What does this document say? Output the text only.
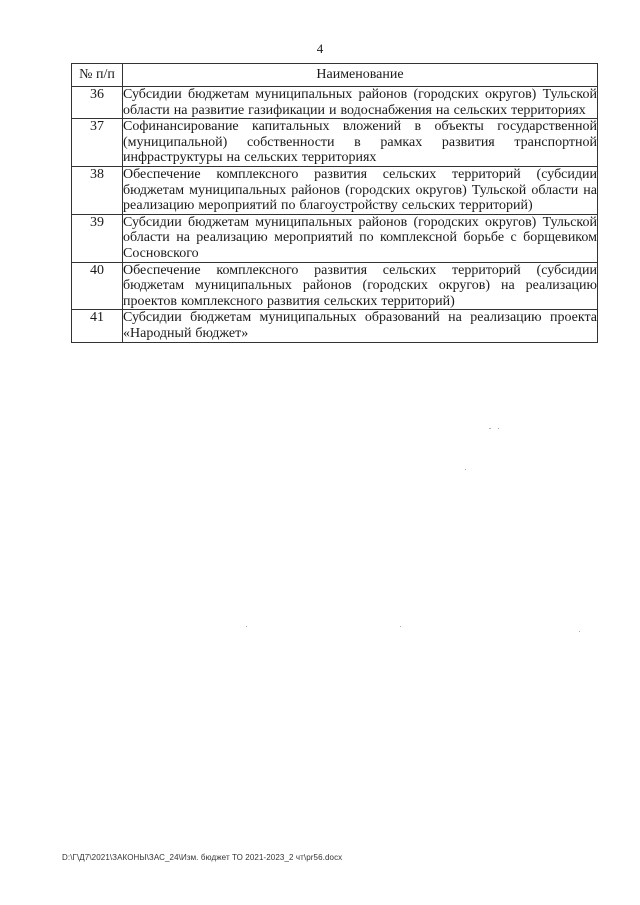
4
№ п/п	Наименование
36	Субсидии бюджетам муниципальных районов (городских округов) Тульской области на развитие газификации и водоснабжения на сельских территориях
37	Софинансирование капитальных вложений в объекты государственной (муниципальной) собственности в рамках развития транспортной инфраструктуры на сельских территориях
38	Обеспечение комплексного развития сельских территорий (субсидии бюджетам муниципальных районов (городских округов) Тульской области на реализацию мероприятий по благоустройству сельских территорий)
39	Субсидии бюджетам муниципальных районов (городских округов) Тульской области на реализацию мероприятий по комплексной борьбе с борщевиком Сосновского
40	Обеспечение комплексного развития сельских территорий (субсидии бюджетам муниципальных районов (городских округов) на реализацию проектов комплексного развития сельских территорий)
41	Субсидии бюджетам муниципальных образований на реализацию проекта «Народный бюджет»
D:\Г\Д7\2021\ЗАКОНЫ\ЗАС_24\Изм. бюджет ТО 2021-2023_2 чт\pr56.docx
